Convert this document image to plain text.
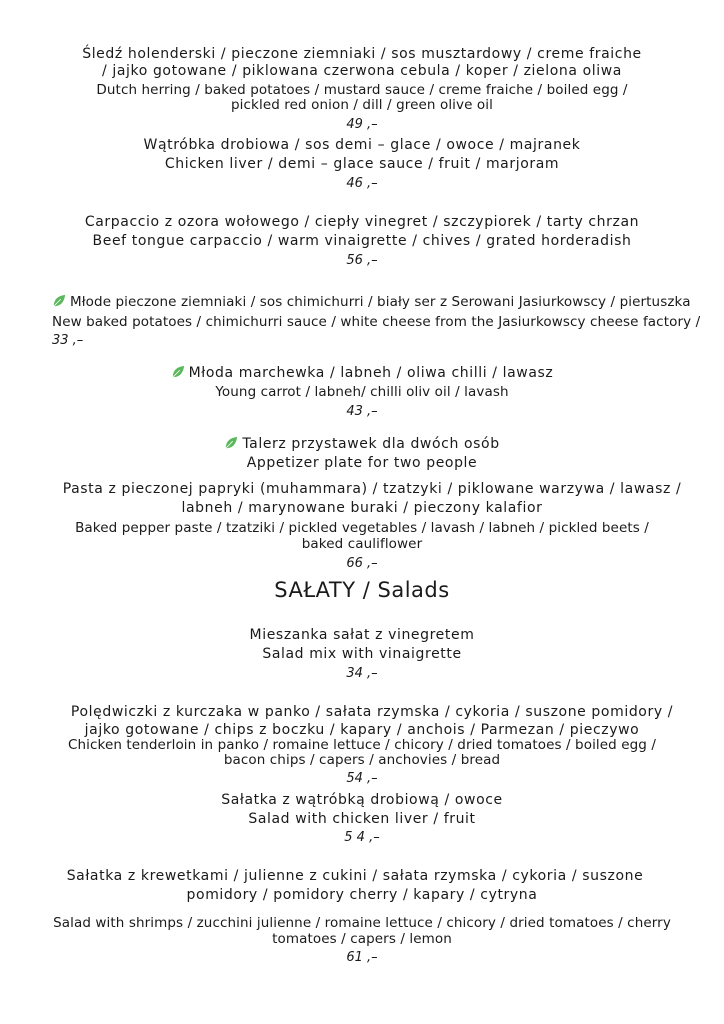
Śledź holenderski / pieczone ziemniaki / sos musztardowy / creme fraiche
/ jajko gotowane / piklowana czerwona cebula / koper / zielona oliwa
Dutch herring / baked potatoes / mustard sauce / creme fraiche / boiled egg /
pickled red onion / dill / green olive oil
49 ,–
Wątróbka drobiowa / sos demi – glace / owoce / majranek
Chicken liver / demi – glace sauce / fruit / marjoram
46 ,–
Carpaccio z ozora wołowego / ciepły vinegret / szczypiorek / tarty chrzan
Beef tongue carpaccio / warm vinaigrette / chives / grated horderadish
56 ,–
Młode pieczone ziemniaki / sos chimichurri / biały ser z Serowani Jasiurkowscy / piertuszka
New baked potatoes / chimichurri sauce / white cheese from the Jasiurkowscy cheese factory /
33 ,–
Młoda marchewka / labneh / oliwa chilli / lawasz
Young carrot / labneh/ chilli oliv oil / lavash
43 ,–
Talerz przystawek dla dwóch osób
Appetizer plate for two people
Pasta z pieczonej papryki (muhammara) / tzatzyki / piklowane warzywa / lawasz /
labneh / marynowane buraki / pieczony kalafior
Baked pepper paste / tzatziki / pickled vegetables / lavash / labneh / pickled beets /
baked cauliflower
66 ,–
SAŁATY / Salads
Mieszanka sałat z vinegretem
Salad mix with vinaigrette
34 ,–
Polędwiczki z kurczaka w panko / sałata rzymska / cykoria / suszone pomidory /
jajko gotowane / chips z boczku / kapary / anchois / Parmezan / pieczywo
Chicken tenderloin in panko / romaine lettuce / chicory / dried tomatoes / boiled egg /
bacon chips / capers / anchovies / bread
54 ,–
Sałatka z wątróbką drobiową / owoce
Salad with chicken liver / fruit
5 4 ,–
Sałatka z krewetkami / julienne z cukini / sałata rzymska / cykoria / suszone
pomidory / pomidory cherry / kapary / cytryna
Salad with shrimps / zucchini julienne / romaine lettuce / chicory / dried tomatoes / cherry
tomatoes / capers / lemon
61 ,–
